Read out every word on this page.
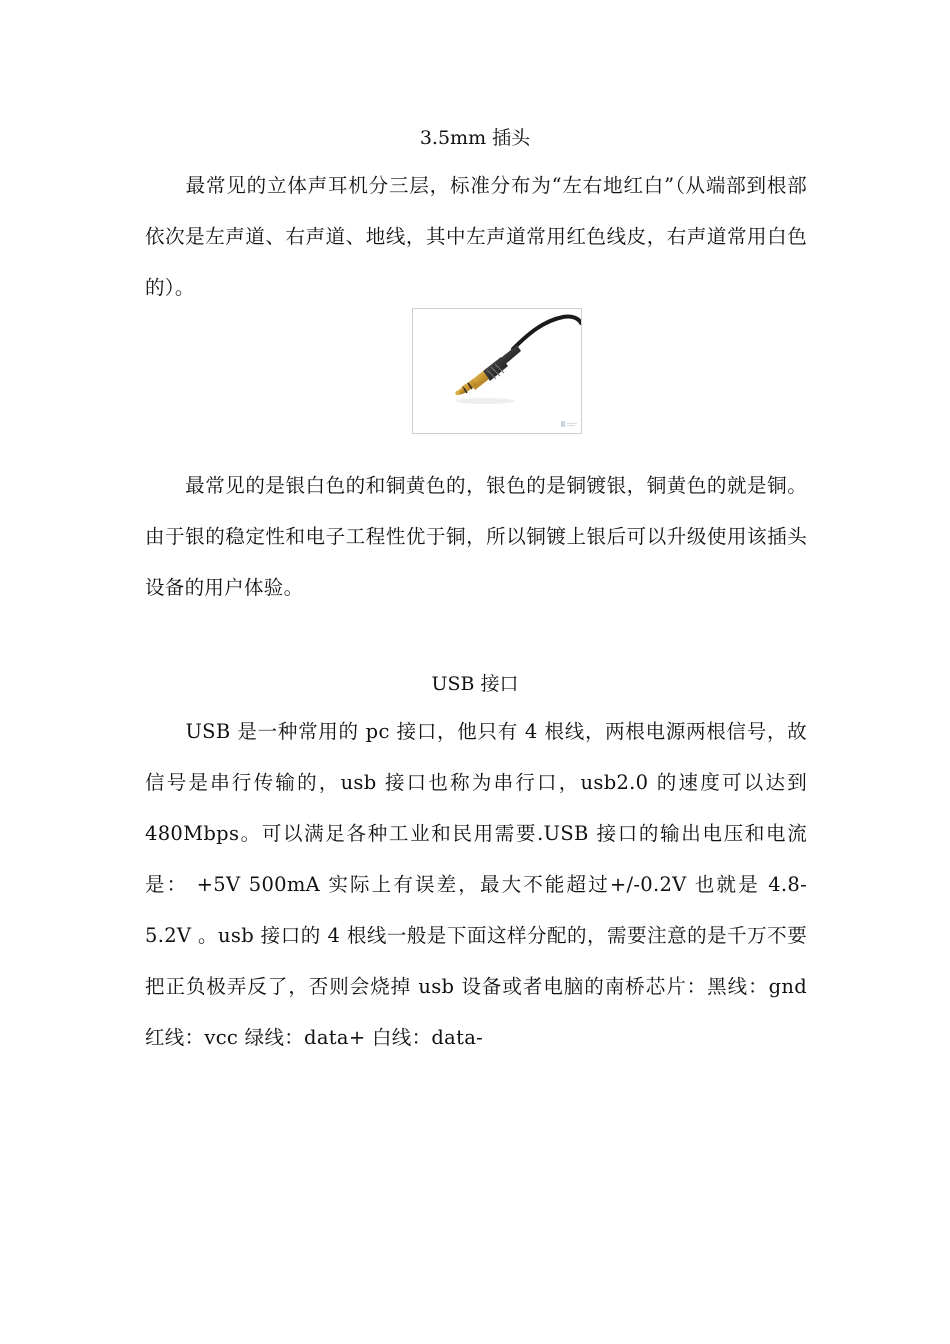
3.5mm 插头

　　最常见的立体声耳机分三层，标准分布为“左右地红白”（从端部到根部依次是左声道、右声道、地线，其中左声道常用红色线皮，右声道常用白色的）。

　　最常见的是银白色的和铜黄色的，银色的是铜镀银，铜黄色的就是铜。由于银的稳定性和电子工程性优于铜，所以铜镀上银后可以升级使用该插头设备的用户体验。

USB 接口

　　USB 是一种常用的 pc 接口，他只有 4 根线，两根电源两根信号，故信号是串行传输的，usb 接口也称为串行口，usb2.0 的速度可以达到 480Mbps。可以满足各种工业和民用需要.USB 接口的输出电压和电流是： +5V 500mA 实际上有误差，最大不能超过+/-0.2V 也就是 4.8-5.2V 。usb 接口的 4 根线一般是下面这样分配的，需要注意的是千万不要把正负极弄反了，否则会烧掉 usb 设备或者电脑的南桥芯片：黑线：gnd 红线：vcc 绿线：data+ 白线：data-
